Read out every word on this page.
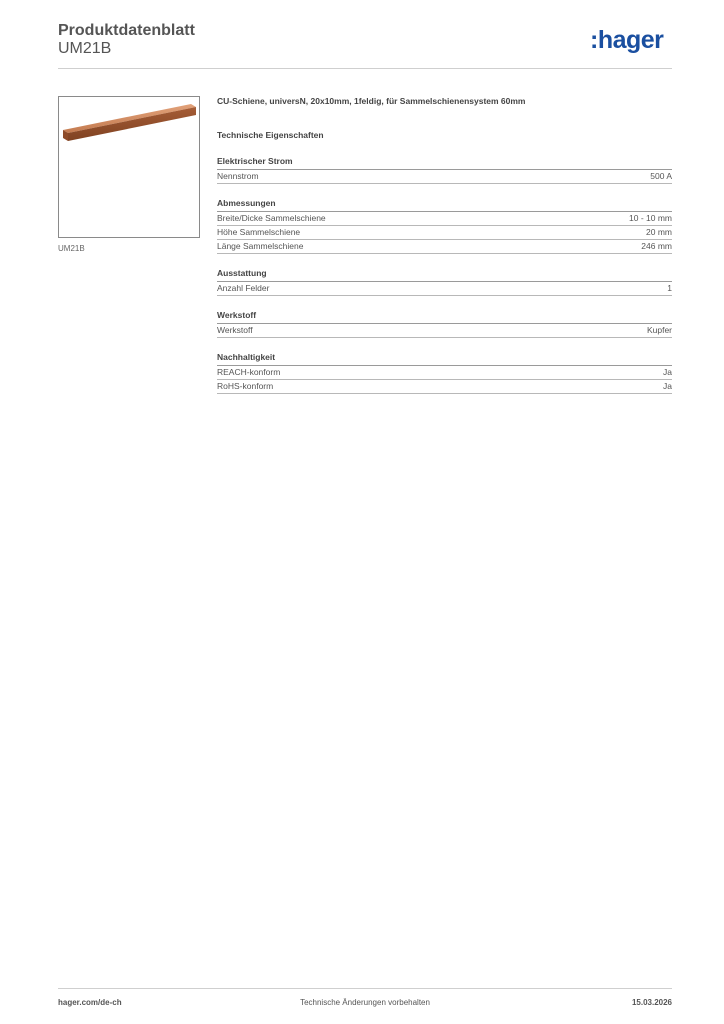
Produktdatenblatt
UM21B	:hager
UM21B

CU-Schiene, universN, 20x10mm, 1feldig, für Sammelschienensystem 60mm

Technische Eigenschaften
Elektrischer Strom
Nennstrom	500 A
Abmessungen
Breite/Dicke Sammelschiene	10 - 10 mm
Höhe Sammelschiene	20 mm
Länge Sammelschiene	246 mm
Ausstattung
Anzahl Felder	1
Werkstoff
Werkstoff	Kupfer
Nachhaltigkeit
REACH-konform	Ja
RoHS-konform	Ja
hager.com/de-ch	Technische Änderungen vorbehalten	15.03.2026
